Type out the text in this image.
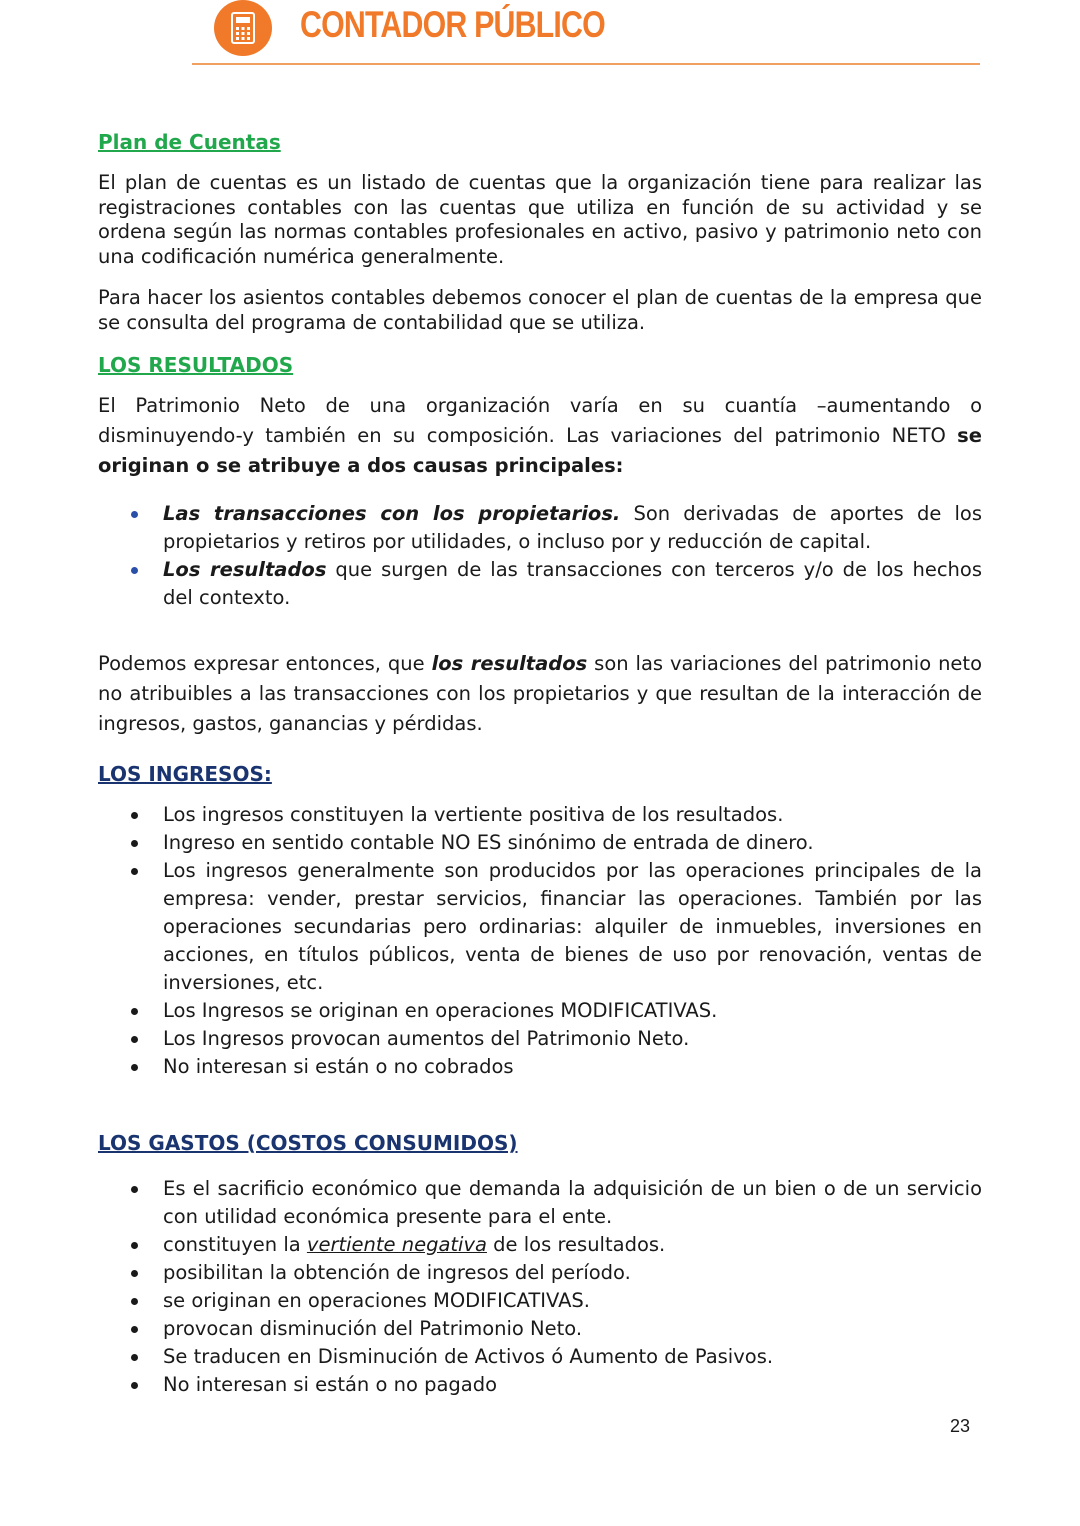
CONTADOR PÚBLICO
Plan de Cuentas

El plan de cuentas es un listado de cuentas que la organización tiene para realizar las registraciones contables con las cuentas que utiliza en función de su actividad y se ordena según las normas contables profesionales en activo, pasivo y patrimonio neto con una codificación numérica generalmente.

Para hacer los asientos contables debemos conocer el plan de cuentas de la empresa que se consulta del programa de contabilidad que se utiliza.

LOS RESULTADOS

El Patrimonio Neto de una organización varía en su cuantía –aumentando o disminuyendo-y también en su composición. Las variaciones del patrimonio NETO se originan o se atribuye a dos causas principales:

Las transacciones con los propietarios. Son derivadas de aportes de los propietarios y retiros por utilidades, o incluso por y reducción de capital.
Los resultados que surgen de las transacciones con terceros y/o de los hechos del contexto.

Podemos expresar entonces, que los resultados son las variaciones del patrimonio neto no atribuibles a las transacciones con los propietarios y que resultan de la interacción de ingresos, gastos, ganancias y pérdidas.

LOS INGRESOS:
Los ingresos constituyen la vertiente positiva de los resultados.
Ingreso en sentido contable NO ES sinónimo de entrada de dinero.
Los ingresos generalmente son producidos por las operaciones principales de la empresa: vender, prestar servicios, financiar las operaciones. También por las operaciones secundarias pero ordinarias: alquiler de inmuebles, inversiones en acciones, en títulos públicos, venta de bienes de uso por renovación, ventas de inversiones, etc.
Los Ingresos se originan en operaciones MODIFICATIVAS.
Los Ingresos provocan aumentos del Patrimonio Neto.
No interesan si están o no cobrados
LOS GASTOS (COSTOS CONSUMIDOS)
Es el sacrificio económico que demanda la adquisición de un bien o de un servicio con utilidad económica presente para el ente.
constituyen la vertiente negativa de los resultados.
posibilitan la obtención de ingresos del período.
se originan en operaciones MODIFICATIVAS.
provocan disminución del Patrimonio Neto.
Se traducen en Disminución de Activos ó Aumento de Pasivos.
No interesan si están o no pagado
23
